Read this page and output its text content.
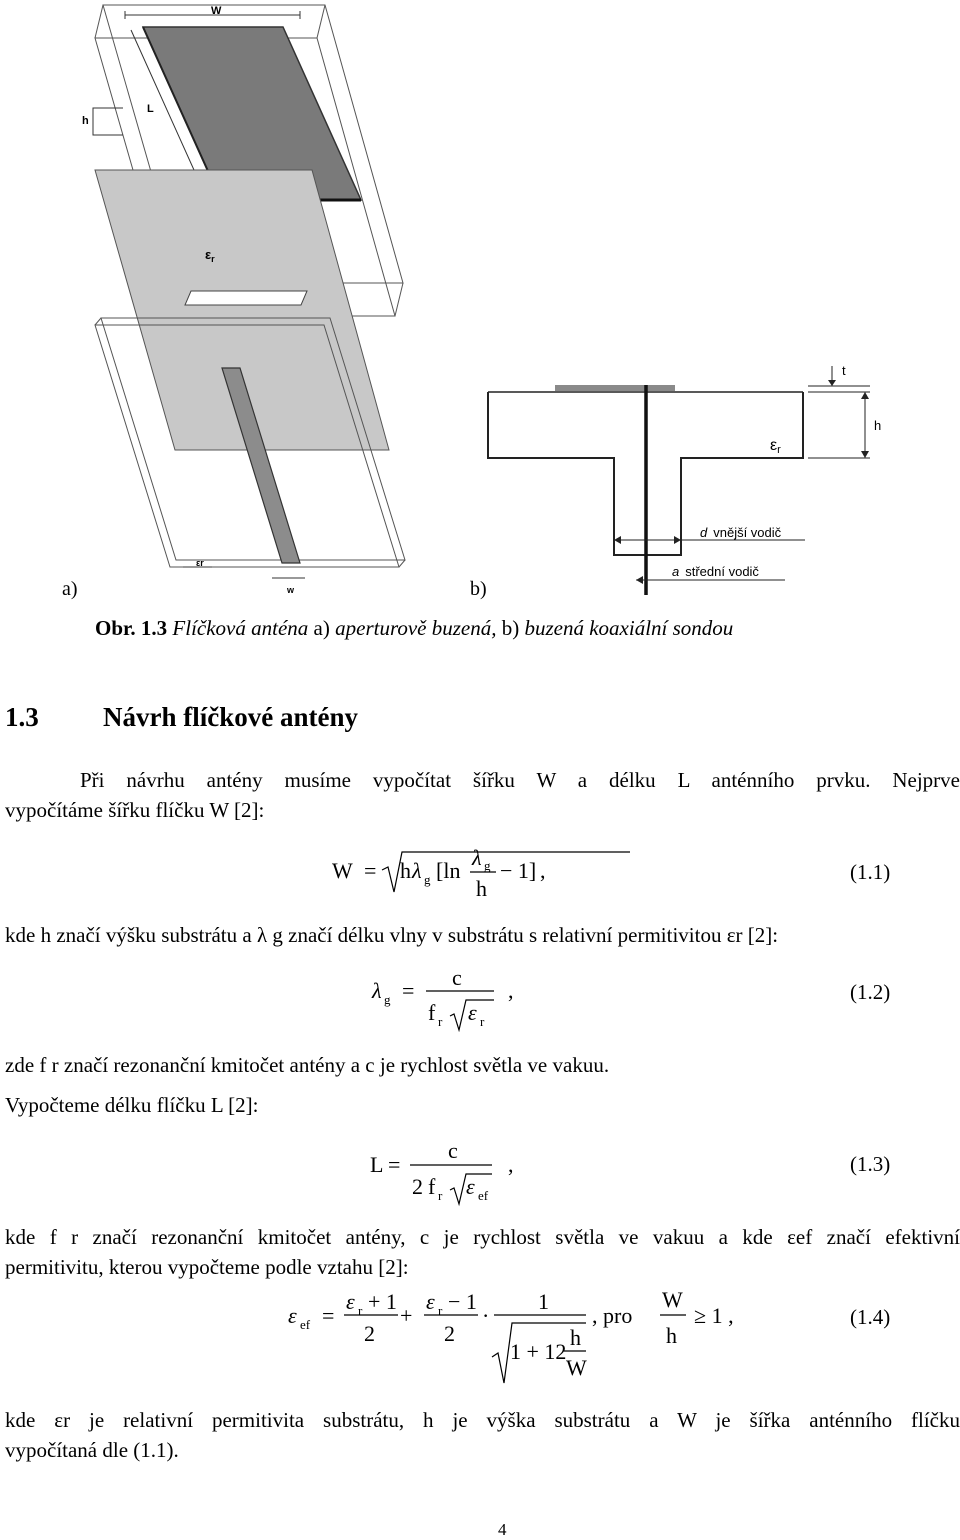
W
L
h
$\varepsilon_r$
εr
w
a)
t
h
εr
d vnější vodič
a střední vodič
b)
Obr. 1.3 Flíčková anténa a) aperturově buzená, b) buzená koaxiální sondou
1.3 Návrh flíčkové antény
Při návrhu antény musíme vypočítat šířku W a délku L anténního prvku. Nejprve
vypočítáme šířku flíčku W [2]:
W = h λ g [ln
λ g
h
− 1] ,	(1.1)
kde h značí výšku substrátu a λ g značí délku vlny v substrátu s relativní permitivitou εr [2]:
λ g =
c
f r ε r
,	(1.2)
zde f r značí rezonanční kmitočet antény a c je rychlost světla ve vakuu.
Vypočteme délku flíčku L [2]:
L =
c
2 f r ε ef
,	(1.3)
kde f r značí rezonanční kmitočet antény, c je rychlost světla ve vakuu a kde εef značí efektivní
permitivitu, kterou vypočteme podle vztahu [2]:
ε ef =
ε r + 1
2
+
ε r − 1
2
·
1
1 + 12
h
W
, pro
W
h
≥ 1 ,	(1.4)
kde εr je relativní permitivita substrátu, h je výška substrátu a W je šířka anténního flíčku
vypočítaná dle (1.1).
4
